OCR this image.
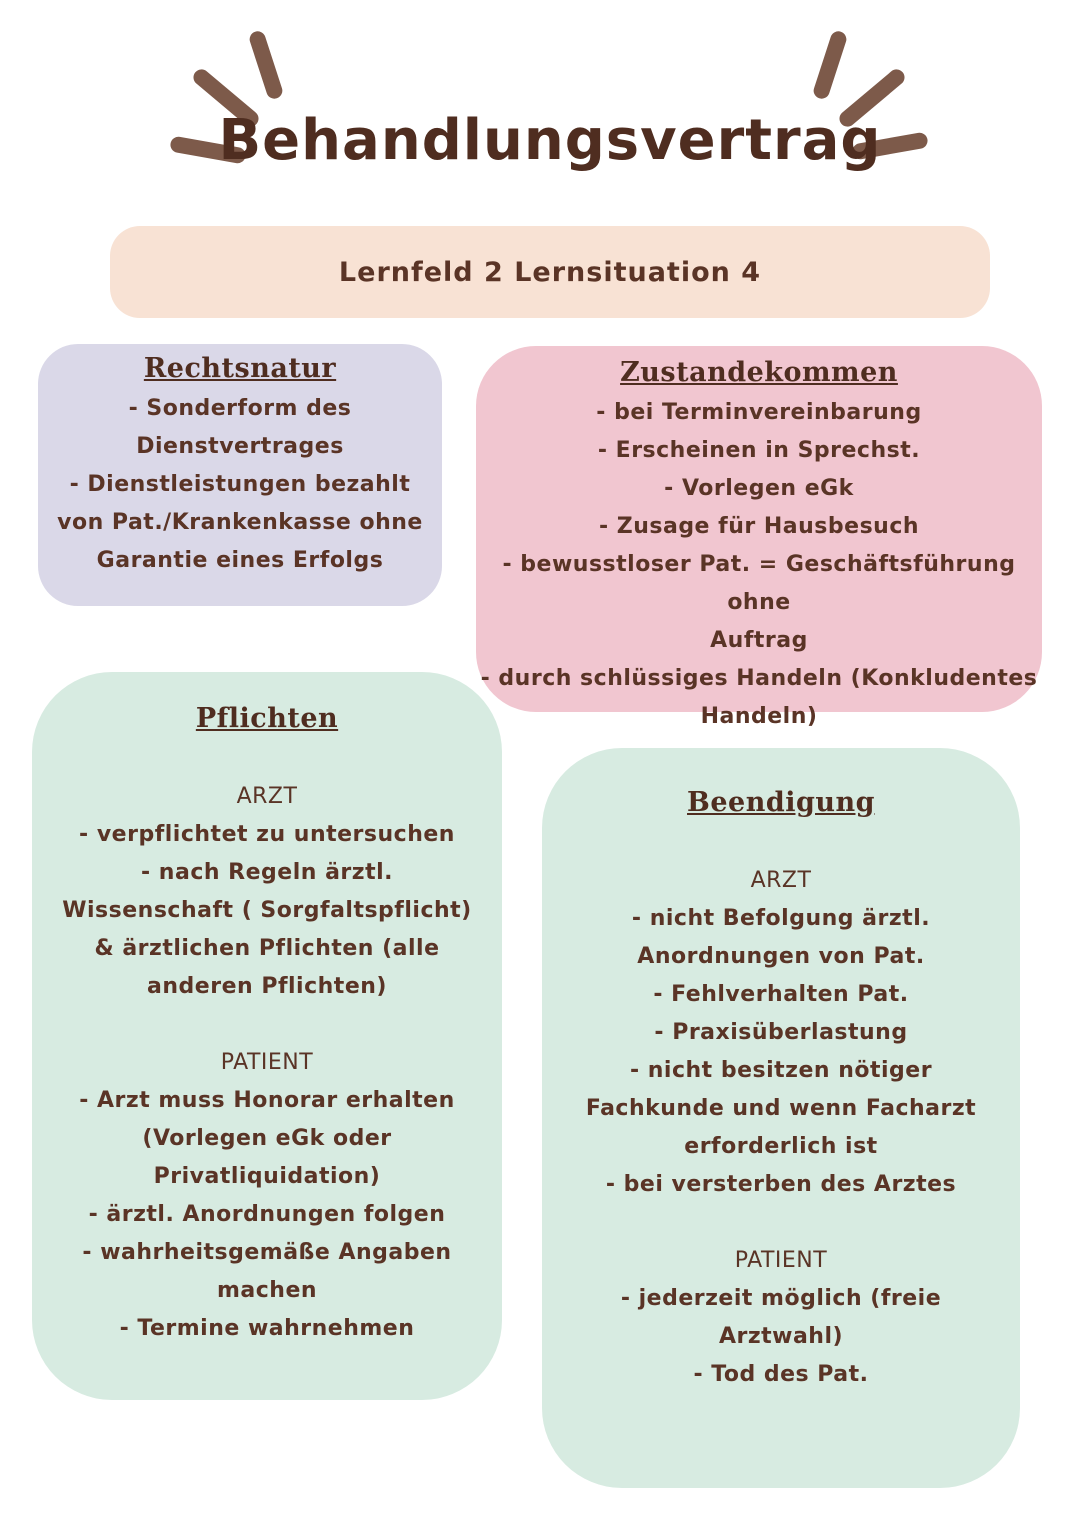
Behandlungsvertrag
Lernfeld 2 Lernsituation 4
Rechtsnatur
- Sonderform des
Dienstvertrages
- Dienstleistungen bezahlt
von Pat./Krankenkasse ohne
Garantie eines Erfolgs
Zustandekommen
- bei Terminvereinbarung
- Erscheinen in Sprechst.
- Vorlegen eGk
- Zusage für Hausbesuch
- bewusstloser Pat. = Geschäftsführung ohne
Auftrag
- durch schlüssiges Handeln (Konkludentes
Handeln)
Pflichten
ARZT
- verpflichtet zu untersuchen
- nach Regeln ärztl.
Wissenschaft ( Sorgfaltspflicht)
& ärztlichen Pflichten (alle
anderen Pflichten)
PATIENT
- Arzt muss Honorar erhalten
(Vorlegen eGk oder
Privatliquidation)
- ärztl. Anordnungen folgen
- wahrheitsgemäße Angaben
machen
- Termine wahrnehmen
Beendigung
ARZT
- nicht Befolgung ärztl.
Anordnungen von Pat.
- Fehlverhalten Pat.
- Praxisüberlastung
- nicht besitzen nötiger
Fachkunde und wenn Facharzt
erforderlich ist
- bei versterben des Arztes
PATIENT
- jederzeit möglich (freie
Arztwahl)
- Tod des Pat.
